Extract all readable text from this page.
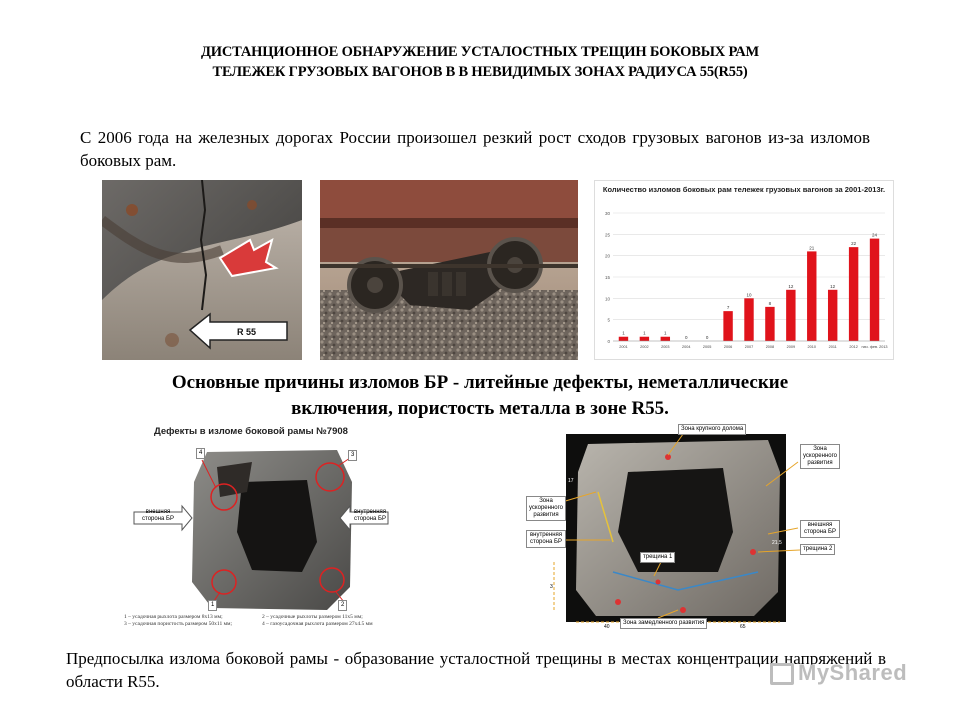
ДИСТАНЦИОННОЕ ОБНАРУЖЕНИЕ УСТАЛОСТНЫХ ТРЕЩИН БОКОВЫХ РАМ
ТЕЛЕЖЕК ГРУЗОВЫХ ВАГОНОВ В В НЕВИДИМЫХ ЗОНАХ РАДИУСА 55(R55)
С 2006 года на железных дорогах России произошел резкий рост сходов грузовых вагонов из-за изломов боковых рам.
R 55
Количество изломов боковых рам тележек грузовых вагонов за 2001-2013г.
0
5
10
15
20
25
30
1
2001
1
2002
1
2003
0
2004
0
2005
7
2006
10
2007
8
2008
12
2009
21
2010
12
2011
22
2012
24
нач. фев. 2013
Основные причины изломов БР - литейные дефекты, неметаллические
включения, пористость металла в зоне R55.
Дефекты в изломе боковой рамы №7908
внешняя сторона БР
внутренняя сторона БР
4	3
1	2
1 – усадочная рыхлота размером 8х13 мм;	2 – усадочные рыхлоты размером 11х5 мм;
3 – усадочная пористость размером 50х11 мм;	4 – газоусадочная рыхлота размером 27х4.5 мм
Зона крупного долома
Зона ускоренного развития
Зона ускоренного развития
внутренняя сторона БР
внешняя сторона БР
трещина 1
трещина 2
Зона замедленного развития
17
21,5
3
40	65
Предпосылка излома боковой рамы - образование усталостной трещины в местах концентрации напряжений в области R55.	MyShared
